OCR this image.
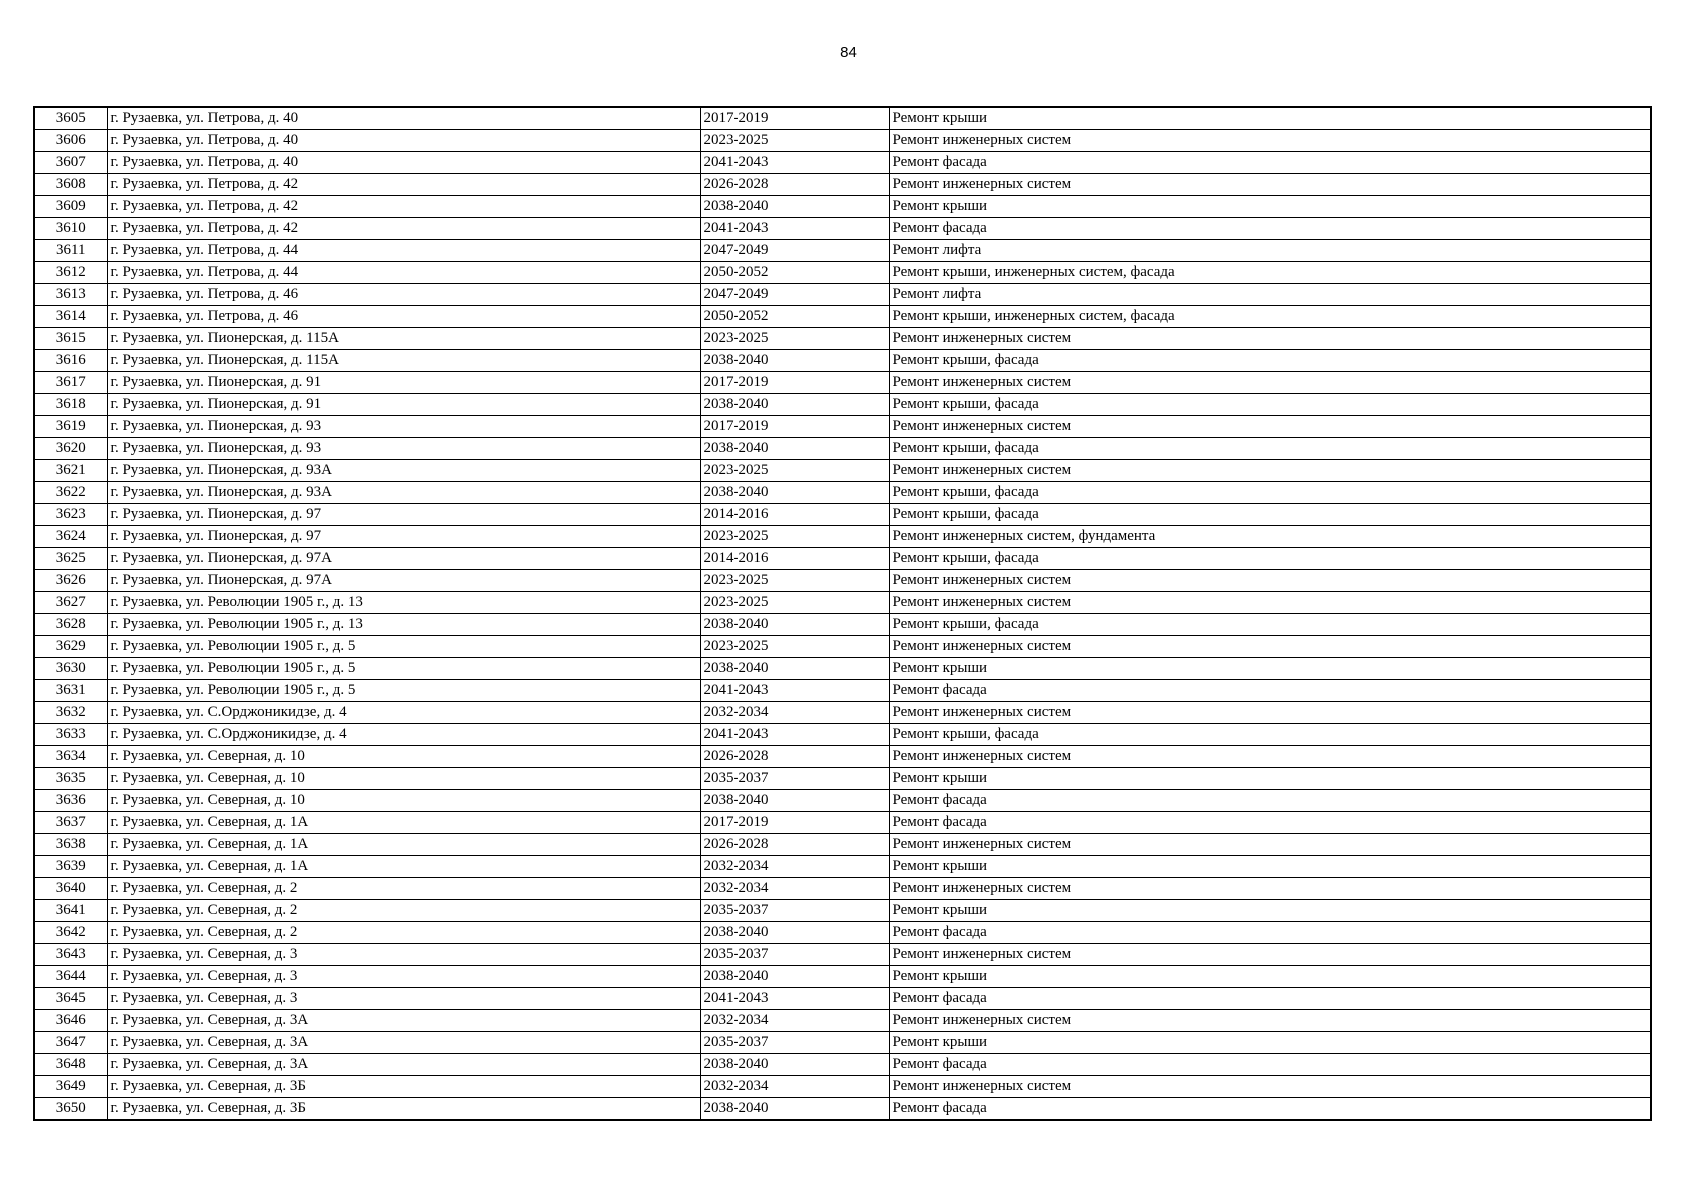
84
3605	г. Рузаевка, ул. Петрова, д. 40	2017-2019	Ремонт крыши
3606	г. Рузаевка, ул. Петрова, д. 40	2023-2025	Ремонт инженерных систем
3607	г. Рузаевка, ул. Петрова, д. 40	2041-2043	Ремонт фасада
3608	г. Рузаевка, ул. Петрова, д. 42	2026-2028	Ремонт инженерных систем
3609	г. Рузаевка, ул. Петрова, д. 42	2038-2040	Ремонт крыши
3610	г. Рузаевка, ул. Петрова, д. 42	2041-2043	Ремонт фасада
3611	г. Рузаевка, ул. Петрова, д. 44	2047-2049	Ремонт лифта
3612	г. Рузаевка, ул. Петрова, д. 44	2050-2052	Ремонт крыши, инженерных систем, фасада
3613	г. Рузаевка, ул. Петрова, д. 46	2047-2049	Ремонт лифта
3614	г. Рузаевка, ул. Петрова, д. 46	2050-2052	Ремонт крыши, инженерных систем, фасада
3615	г. Рузаевка, ул. Пионерская, д. 115А	2023-2025	Ремонт инженерных систем
3616	г. Рузаевка, ул. Пионерская, д. 115А	2038-2040	Ремонт крыши, фасада
3617	г. Рузаевка, ул. Пионерская, д. 91	2017-2019	Ремонт инженерных систем
3618	г. Рузаевка, ул. Пионерская, д. 91	2038-2040	Ремонт крыши, фасада
3619	г. Рузаевка, ул. Пионерская, д. 93	2017-2019	Ремонт инженерных систем
3620	г. Рузаевка, ул. Пионерская, д. 93	2038-2040	Ремонт крыши, фасада
3621	г. Рузаевка, ул. Пионерская, д. 93А	2023-2025	Ремонт инженерных систем
3622	г. Рузаевка, ул. Пионерская, д. 93А	2038-2040	Ремонт крыши, фасада
3623	г. Рузаевка, ул. Пионерская, д. 97	2014-2016	Ремонт крыши, фасада
3624	г. Рузаевка, ул. Пионерская, д. 97	2023-2025	Ремонт инженерных систем, фундамента
3625	г. Рузаевка, ул. Пионерская, д. 97А	2014-2016	Ремонт крыши, фасада
3626	г. Рузаевка, ул. Пионерская, д. 97А	2023-2025	Ремонт инженерных систем
3627	г. Рузаевка, ул. Революции 1905 г., д. 13	2023-2025	Ремонт инженерных систем
3628	г. Рузаевка, ул. Революции 1905 г., д. 13	2038-2040	Ремонт крыши, фасада
3629	г. Рузаевка, ул. Революции 1905 г., д. 5	2023-2025	Ремонт инженерных систем
3630	г. Рузаевка, ул. Революции 1905 г., д. 5	2038-2040	Ремонт крыши
3631	г. Рузаевка, ул. Революции 1905 г., д. 5	2041-2043	Ремонт фасада
3632	г. Рузаевка, ул. С.Орджоникидзе, д. 4	2032-2034	Ремонт инженерных систем
3633	г. Рузаевка, ул. С.Орджоникидзе, д. 4	2041-2043	Ремонт крыши, фасада
3634	г. Рузаевка, ул. Северная, д. 10	2026-2028	Ремонт инженерных систем
3635	г. Рузаевка, ул. Северная, д. 10	2035-2037	Ремонт крыши
3636	г. Рузаевка, ул. Северная, д. 10	2038-2040	Ремонт фасада
3637	г. Рузаевка, ул. Северная, д. 1А	2017-2019	Ремонт фасада
3638	г. Рузаевка, ул. Северная, д. 1А	2026-2028	Ремонт инженерных систем
3639	г. Рузаевка, ул. Северная, д. 1А	2032-2034	Ремонт крыши
3640	г. Рузаевка, ул. Северная, д. 2	2032-2034	Ремонт инженерных систем
3641	г. Рузаевка, ул. Северная, д. 2	2035-2037	Ремонт крыши
3642	г. Рузаевка, ул. Северная, д. 2	2038-2040	Ремонт фасада
3643	г. Рузаевка, ул. Северная, д. 3	2035-2037	Ремонт инженерных систем
3644	г. Рузаевка, ул. Северная, д. 3	2038-2040	Ремонт крыши
3645	г. Рузаевка, ул. Северная, д. 3	2041-2043	Ремонт фасада
3646	г. Рузаевка, ул. Северная, д. 3А	2032-2034	Ремонт инженерных систем
3647	г. Рузаевка, ул. Северная, д. 3А	2035-2037	Ремонт крыши
3648	г. Рузаевка, ул. Северная, д. 3А	2038-2040	Ремонт фасада
3649	г. Рузаевка, ул. Северная, д. 3Б	2032-2034	Ремонт инженерных систем
3650	г. Рузаевка, ул. Северная, д. 3Б	2038-2040	Ремонт фасада
